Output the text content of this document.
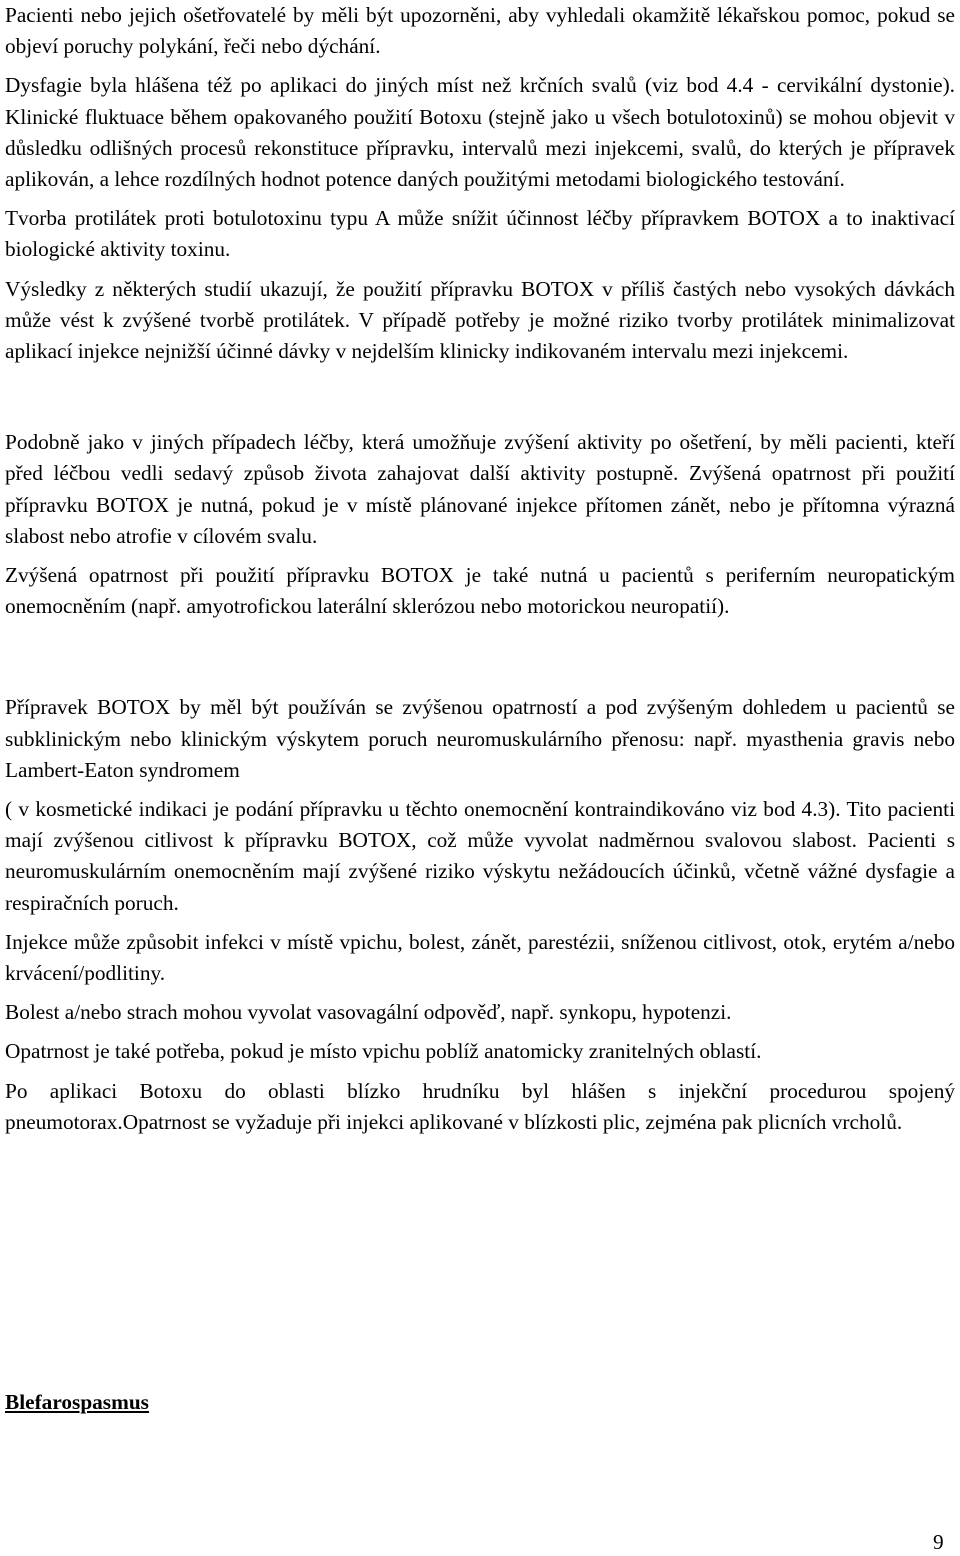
Pacienti nebo jejich ošetřovatelé by měli být upozorněni, aby vyhledali okamžitě lékařskou pomoc, pokud se objeví poruchy polykání, řeči nebo dýchání.

Dysfagie byla hlášena též po aplikaci do jiných míst než krčních svalů (viz bod 4.4 - cervikální dystonie). Klinické fluktuace během opakovaného použití Botoxu (stejně jako u všech botulotoxinů) se mohou objevit v důsledku odlišných procesů rekonstituce přípravku, intervalů mezi injekcemi, svalů, do kterých je přípravek aplikován, a lehce rozdílných hodnot potence daných použitými metodami biologického testování.

Tvorba protilátek proti botulotoxinu typu A může snížit účinnost léčby přípravkem BOTOX a to inaktivací biologické aktivity toxinu.

Výsledky z některých studií ukazují, že použití přípravku BOTOX v příliš častých nebo vysokých dávkách může vést k zvýšené tvorbě protilátek. V případě potřeby je možné riziko tvorby protilátek minimalizovat aplikací injekce nejnižší účinné dávky v nejdelším klinicky indikovaném intervalu mezi injekcemi.

Podobně jako v jiných případech léčby, která umožňuje zvýšení aktivity po ošetření, by měli pacienti, kteří před léčbou vedli sedavý způsob života zahajovat další aktivity postupně. Zvýšená opatrnost při použití přípravku BOTOX je nutná, pokud je v místě plánované injekce přítomen zánět, nebo je přítomna výrazná slabost nebo atrofie v cílovém svalu.

Zvýšená opatrnost při použití přípravku BOTOX je také nutná u pacientů s periferním neuropatickým onemocněním (např. amyotrofickou laterální sklerózou nebo motorickou neuropatií).

Přípravek BOTOX by měl být používán se zvýšenou opatrností a pod zvýšeným dohledem u pacientů se subklinickým nebo klinickým výskytem poruch neuromuskulárního přenosu: např. myasthenia gravis nebo Lambert-Eaton syndromem

( v kosmetické indikaci je podání přípravku u těchto onemocnění kontraindikováno viz bod 4.3). Tito pacienti mají zvýšenou citlivost k přípravku BOTOX, což může vyvolat nadměrnou svalovou slabost. Pacienti s neuromuskulárním onemocněním mají zvýšené riziko výskytu nežádoucích účinků, včetně vážné dysfagie a respiračních poruch.

Injekce může způsobit infekci v místě vpichu, bolest, zánět, parestézii, sníženou citlivost, otok, erytém a/nebo krvácení/podlitiny.

Bolest a/nebo strach mohou vyvolat vasovagální odpověď, např. synkopu, hypotenzi.

Opatrnost je také potřeba, pokud je místo vpichu poblíž anatomicky zranitelných oblastí.

Po aplikaci Botoxu do oblasti blízko hrudníku byl hlášen s injekční procedurou spojený pneumotorax.Opatrnost se vyžaduje při injekci aplikované v blízkosti plic, zejména pak plicních vrcholů.

Blefarospasmus
9
